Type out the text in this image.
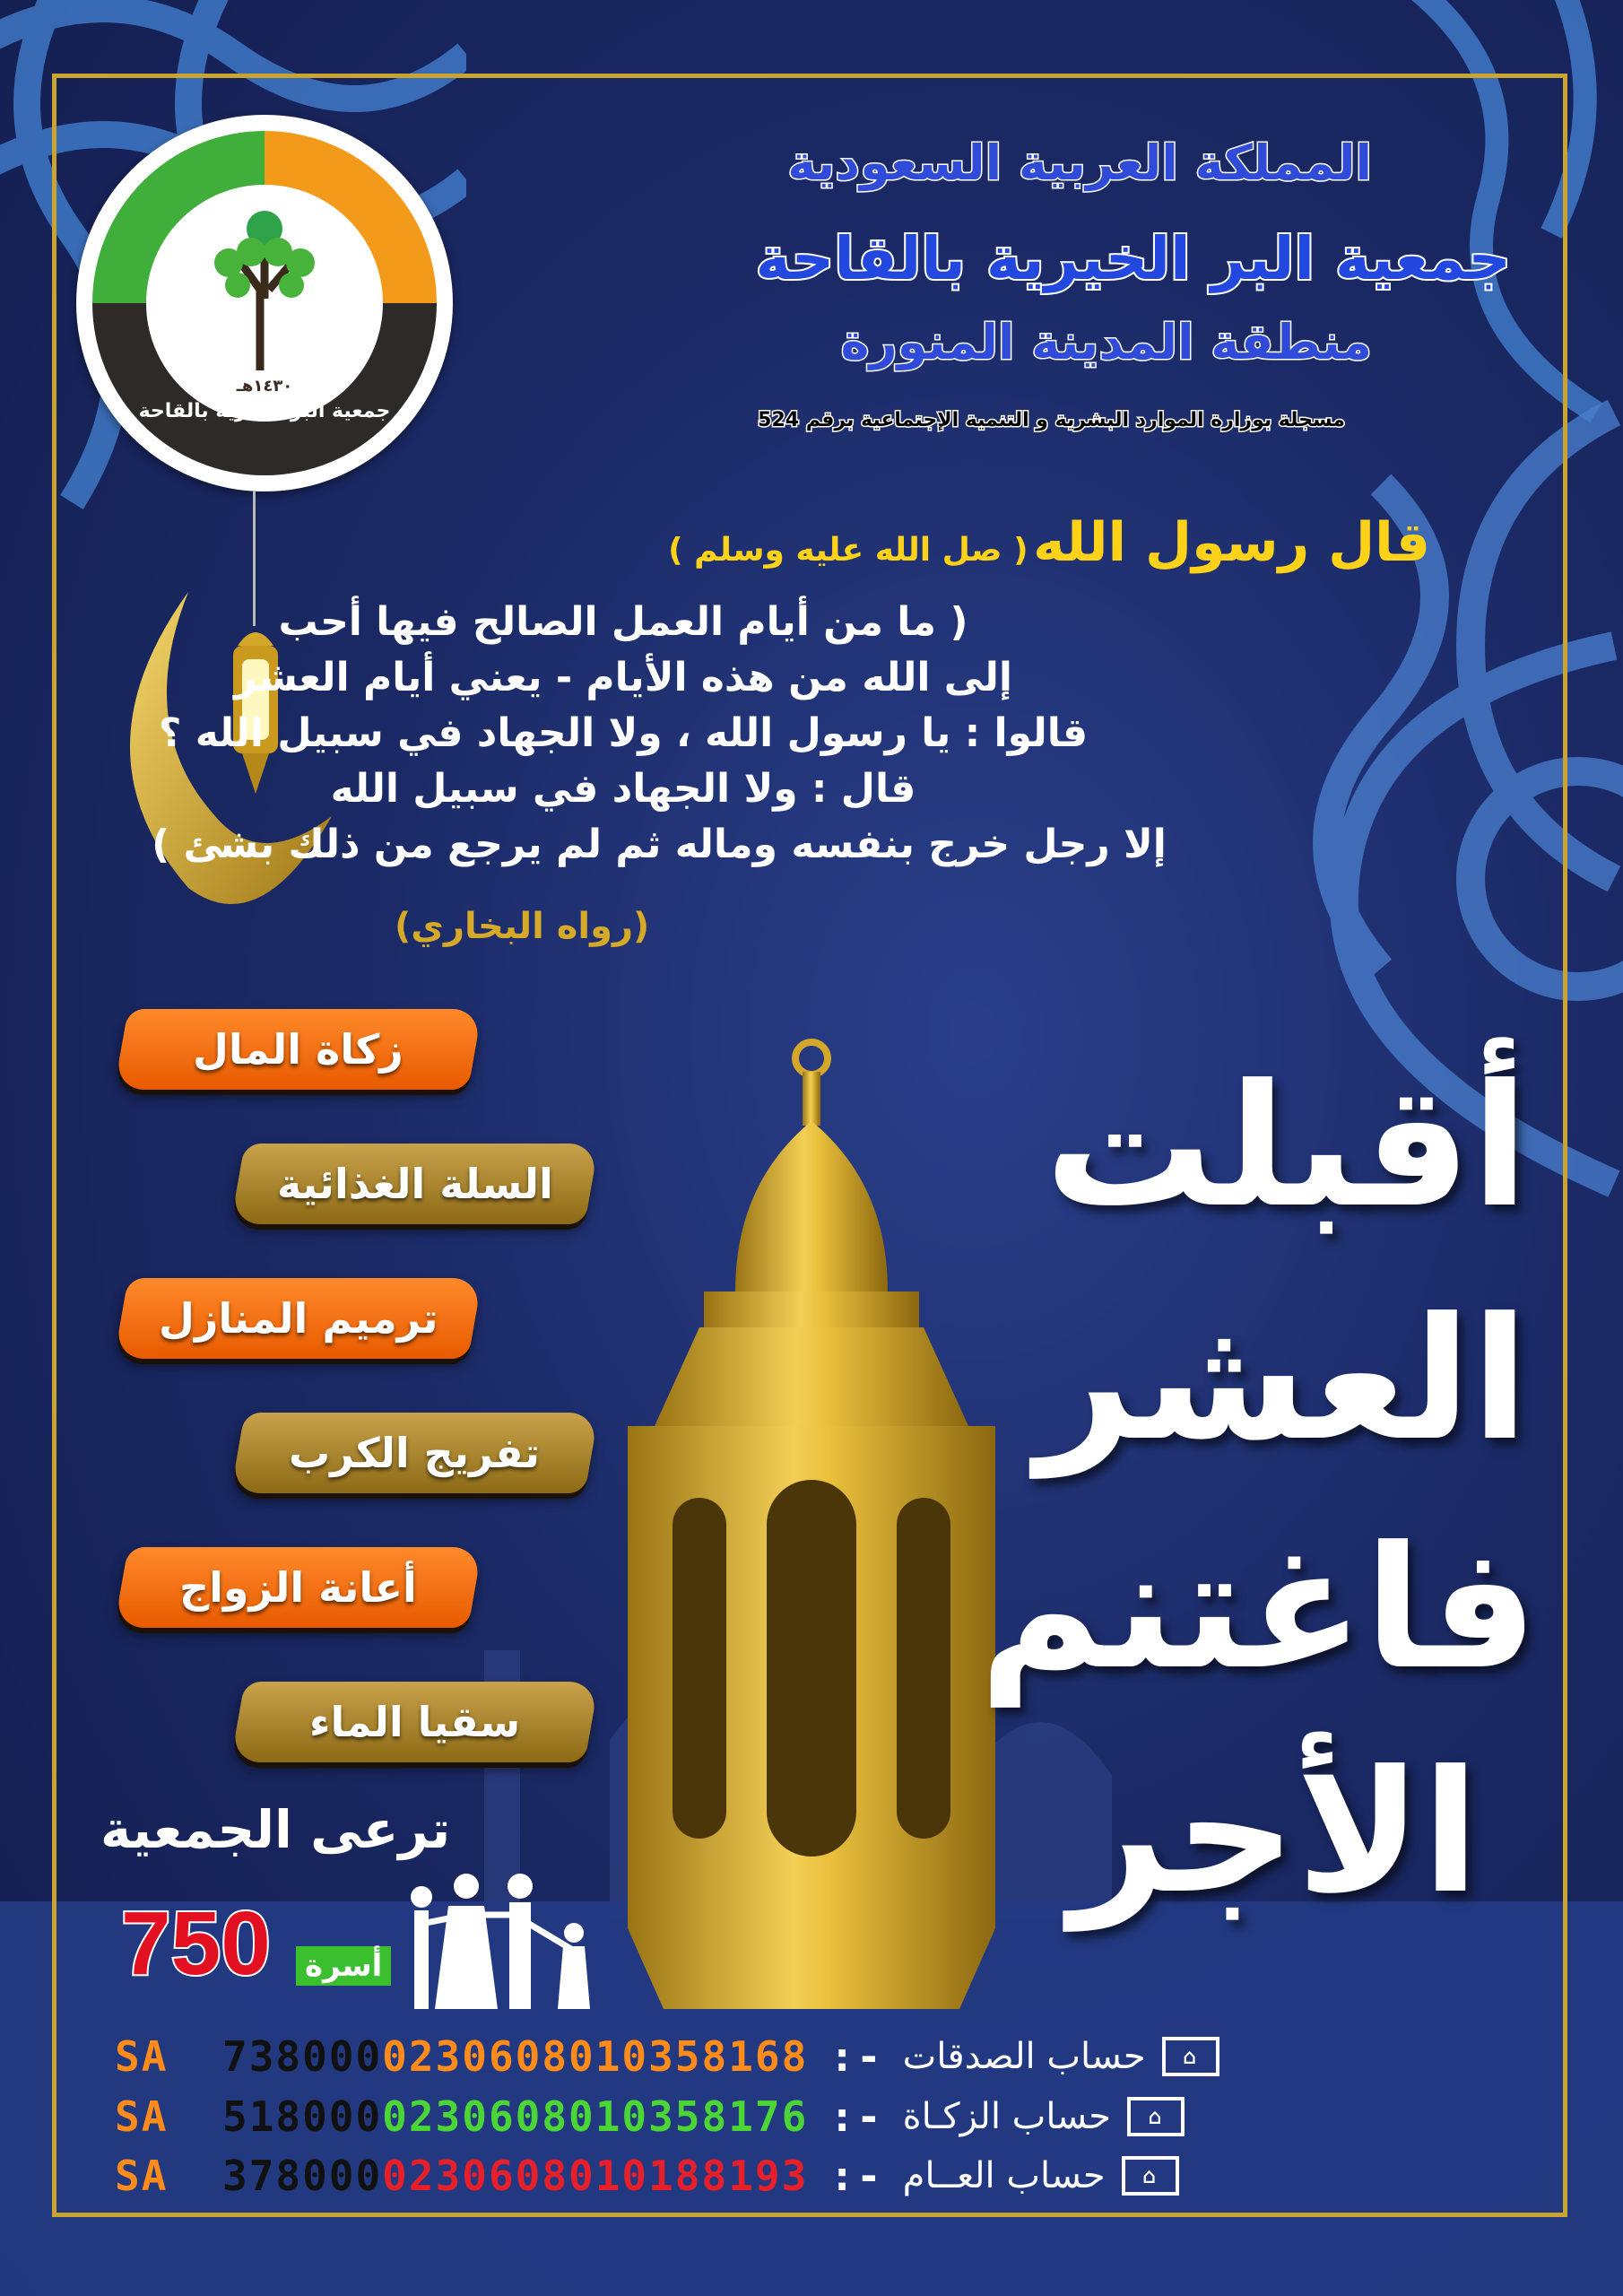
المملكة العربية السعودية
جمعية البر الخيرية بالقاحة
منطقة المدينة المنورة
مسجلة بوزارة الموارد البشرية و التنمية الإجتماعية برقم 524
١٤٣٠هـ
جمعية البر الخيرية بالقاحة
قال رسول الله ( صل الله عليه وسلم )
( ما من أيام العمل الصالح فيها أحب
إلى الله من هذه الأيام - يعني أيام العشر
قالوا : يا رسول الله ، ولا الجهاد في سبيل الله ؟
قال : ولا الجهاد في سبيل الله
إلا رجل خرج بنفسه وماله ثم لم يرجع من ذلك بشئ )
(رواه البخاري)
زكاة المال
السلة الغذائية
ترميم المنازل
تفريج الكرب
أعانة الزواج
سقيا الماء
أقبلت
العشر
فاغتنم
الأجر
ترعى الجمعية
750 أسرة
SA	738000 0230608010358168 :- حساب الصدقات	⌂
SA	518000 0230608010358176 :- حساب الزكـاة	⌂
SA	378000 0230608010188193 :- حساب العــام	⌂
